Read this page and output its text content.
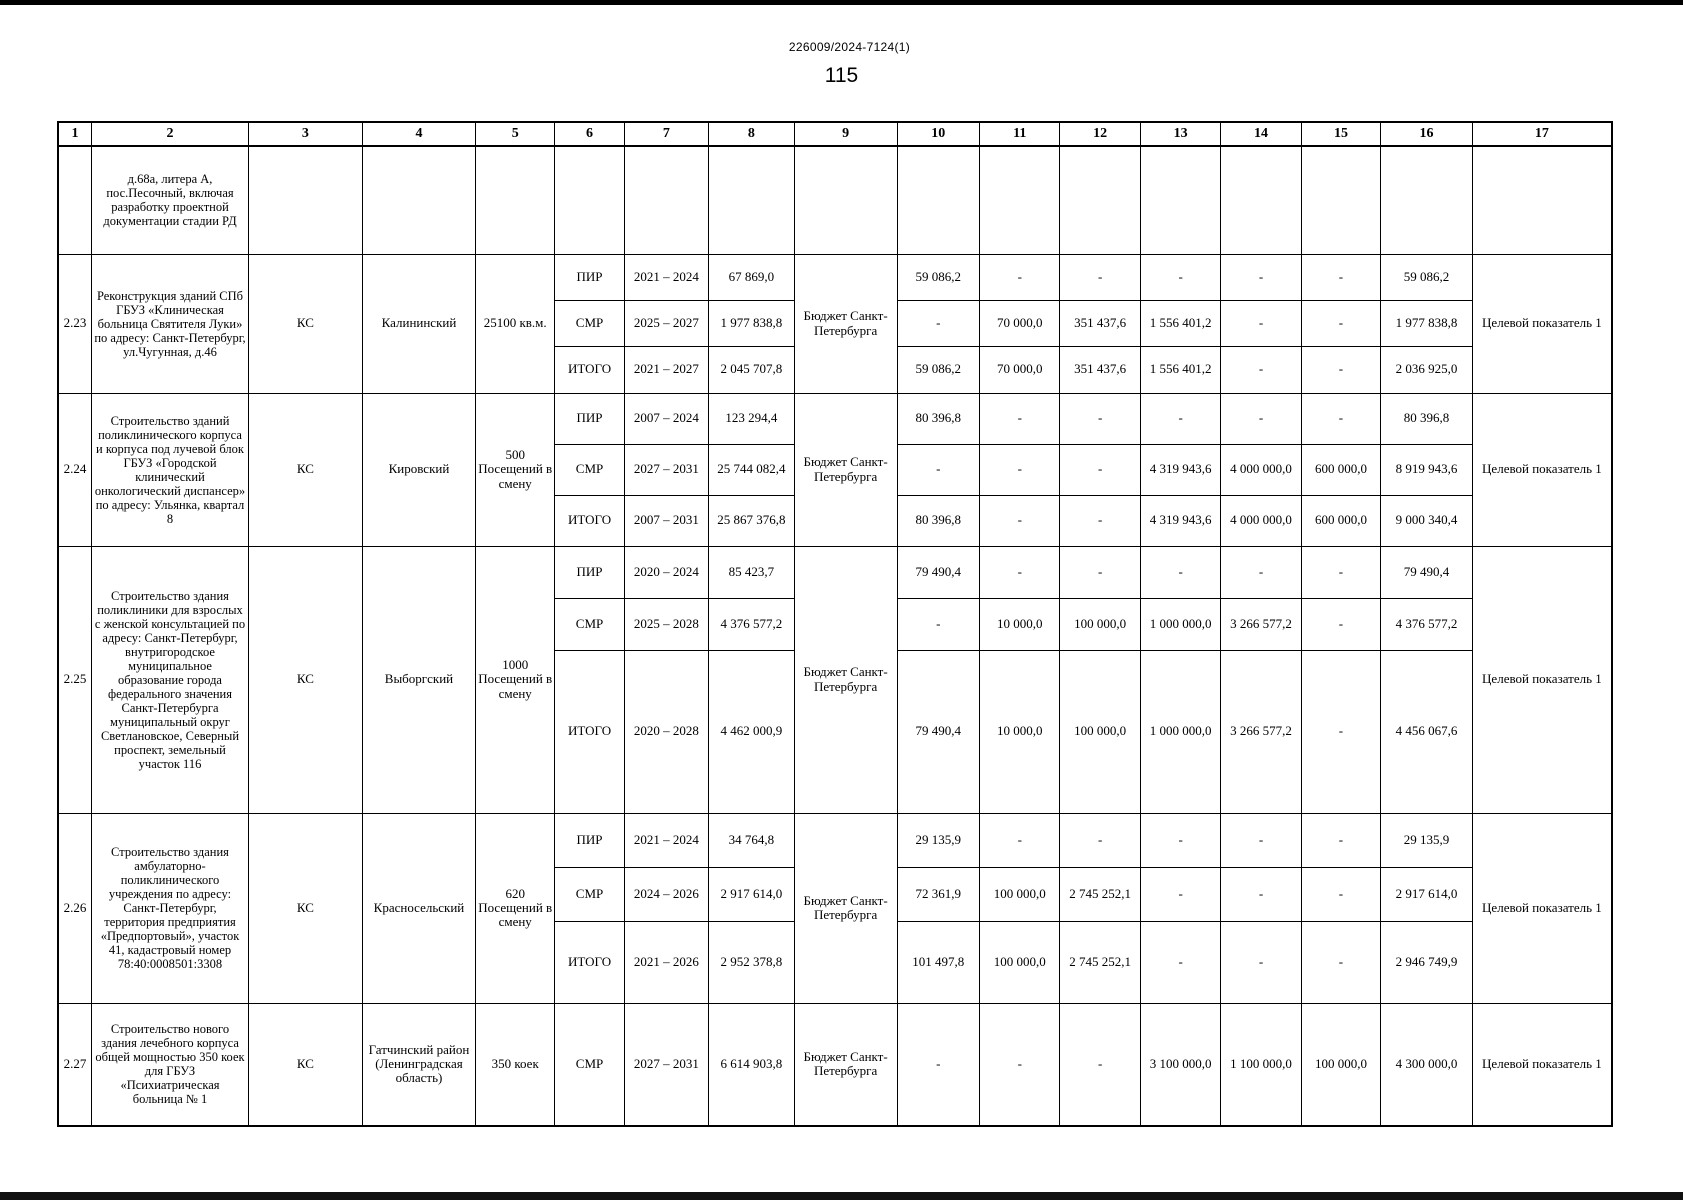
226009/2024-7124(1)
115
1	2	3	4	5	6	7	8	9	10	11	12	13	14	15	16	17
	д.68а, литера А, пос.Песочный, включая разработку проектной документации стадии РД															
2.23	Реконструкция зданий СПб ГБУЗ «Клиническая больница Святителя Луки» по адресу: Санкт-Петербург, ул.Чугунная, д.46	КС	Калининский	25100 кв.м.	ПИР	2021 – 2024	67 869,0	Бюджет Санкт-Петербурга	59 086,2	-	-	-	-	-	59 086,2	Целевой показатель 1
					СМР	2025 – 2027	1 977 838,8		-	70 000,0	351 437,6	1 556 401,2	-	-	1 977 838,8	
					ИТОГО	2021 – 2027	2 045 707,8		59 086,2	70 000,0	351 437,6	1 556 401,2	-	-	2 036 925,0	
2.24	Строительство зданий поликлинического корпуса и корпуса под лучевой блок ГБУЗ «Городской клинический онкологический диспансер» по адресу: Ульянка, квартал 8	КС	Кировский	500 Посещений в смену	ПИР	2007 – 2024	123 294,4	Бюджет Санкт-Петербурга	80 396,8	-	-	-	-	-	80 396,8	Целевой показатель 1
					СМР	2027 – 2031	25 744 082,4		-	-	-	4 319 943,6	4 000 000,0	600 000,0	8 919 943,6	
					ИТОГО	2007 – 2031	25 867 376,8		80 396,8	-	-	4 319 943,6	4 000 000,0	600 000,0	9 000 340,4	
2.25	Строительство здания поликлиники для взрослых с женской консультацией по адресу: Санкт-Петербург, внутригородское муниципальное образование города федерального значения Санкт-Петербурга муниципальный округ Светлановское, Северный проспект, земельный участок 116	КС	Выборгский	1000 Посещений в смену	ПИР	2020 – 2024	85 423,7	Бюджет Санкт-Петербурга	79 490,4	-	-	-	-	-	79 490,4	Целевой показатель 1
					СМР	2025 – 2028	4 376 577,2		-	10 000,0	100 000,0	1 000 000,0	3 266 577,2	-	4 376 577,2	
					ИТОГО	2020 – 2028	4 462 000,9		79 490,4	10 000,0	100 000,0	1 000 000,0	3 266 577,2	-	4 456 067,6	
2.26	Строительство здания амбулаторно-поликлинического учреждения по адресу: Санкт-Петербург, территория предприятия «Предпортовый», участок 41, кадастровый номер 78:40:0008501:3308	КС	Красносельский	620 Посещений в смену	ПИР	2021 – 2024	34 764,8	Бюджет Санкт-Петербурга	29 135,9	-	-	-	-	-	29 135,9	Целевой показатель 1
					СМР	2024 – 2026	2 917 614,0		72 361,9	100 000,0	2 745 252,1	-	-	-	2 917 614,0	
					ИТОГО	2021 – 2026	2 952 378,8		101 497,8	100 000,0	2 745 252,1	-	-	-	2 946 749,9	
2.27	Строительство нового здания лечебного корпуса общей мощностью 350 коек для ГБУЗ «Психиатрическая больница № 1	КС	Гатчинский район (Ленинградская область)	350 коек	СМР	2027 – 2031	6 614 903,8	Бюджет Санкт-Петербурга	-	-	-	3 100 000,0	1 100 000,0	100 000,0	4 300 000,0	Целевой показатель 1
